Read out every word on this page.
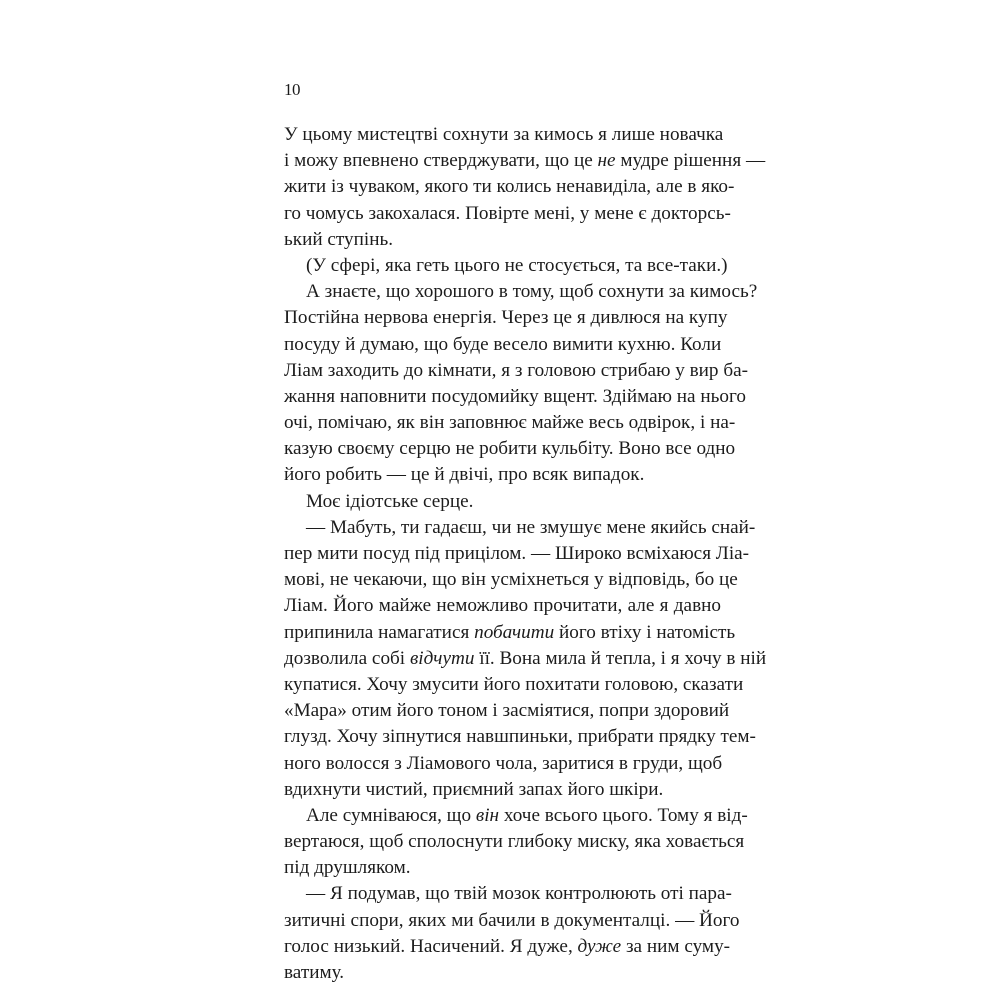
10
У цьому мистецтві сохнути за кимось я лише новачка
і можу впевнено стверджувати, що це не мудре рішення —
жити із чуваком, якого ти колись ненавиділа, але в яко-
го чомусь закохалася. Повірте мені, у мене є докторсь-
ький ступінь.
(У сфері, яка геть цього не стосується, та все-таки.)
А знаєте, що хорошого в тому, щоб сохнути за кимось?
Постійна нервова енергія. Через це я дивлюся на купу
посуду й думаю, що буде весело вимити кухню. Коли
Ліам заходить до кімнати, я з головою стрибаю у вир ба-
жання наповнити посудомийку вщент. Здіймаю на нього
очі, помічаю, як він заповнює майже весь одвірок, і на-
казую своєму серцю не робити кульбіту. Воно все одно
його робить — це й двічі, про всяк випадок.
Моє ідіотське серце.
— Мабуть, ти гадаєш, чи не змушує мене якийсь снай-
пер мити посуд під прицілом. — Широко всміхаюся Ліа-
мові, не чекаючи, що він усміхнеться у відповідь, бо це
Ліам. Його майже неможливо прочитати, але я давно
припинила намагатися побачити його втіху і натомість
дозволила собі відчути її. Вона мила й тепла, і я хочу в ній
купатися. Хочу змусити його похитати головою, сказати
«Мара» отим його тоном і засміятися, попри здоровий
глузд. Хочу зіпнутися навшпиньки, прибрати прядку тем-
ного волосся з Ліамового чола, заритися в груди, щоб
вдихнути чистий, приємний запах його шкіри.
Але сумніваюся, що він хоче всього цього. Тому я від-
вертаюся, щоб сполоснути глибоку миску, яка ховається
під друшляком.
— Я подумав, що твій мозок контролюють оті пара-
зитичні спори, яких ми бачили в документалці. — Його
голос низький. Насичений. Я дуже, дуже за ним суму-
ватиму.
